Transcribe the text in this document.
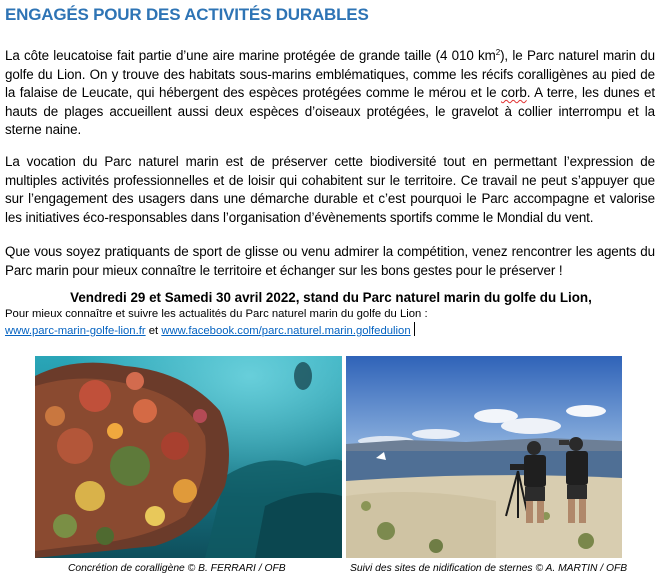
ENGAGÉS POUR DES ACTIVITÉS DURABLES
La côte leucatoise fait partie d’une aire marine protégée de grande taille (4 010 $km^2$), le Parc naturel marin du golfe du Lion. On y trouve des habitats sous-marins emblématiques, comme les récifs coralligènes au pied de la falaise de Leucate, qui hébergent des espèces protégées comme le mérou et le corb. A terre, les dunes et hauts de plages accueillent aussi deux espèces d’oiseaux protégées, le gravelot à collier interrompu et la sterne naine.
La vocation du Parc naturel marin est de préserver cette biodiversité tout en permettant l’expression de multiples activités professionnelles et de loisir qui cohabitent sur le territoire. Ce travail ne peut s’appuyer que sur l’engagement des usagers dans une démarche durable et c’est pourquoi le Parc accompagne et valorise les initiatives éco-responsables dans l’organisation d’évènements sportifs comme le Mondial du vent.
Que vous soyez pratiquants de sport de glisse ou venu admirer la compétition, venez rencontrer les agents du Parc marin pour mieux connaître le territoire et échanger sur les bons gestes pour le préserver !
Vendredi 29 et Samedi 30 avril 2022, stand du Parc naturel marin du golfe du Lion,
Pour mieux connaître et suivre les actualités du Parc naturel marin du golfe du Lion :
www.parc-marin-golfe-lion.fr et www.facebook.com/parc.naturel.marin.golfedulion
Concrétion de coralligène © B. FERRARI / OFB	Suivi des sites de nidification de sternes © A. MARTIN / OFB
